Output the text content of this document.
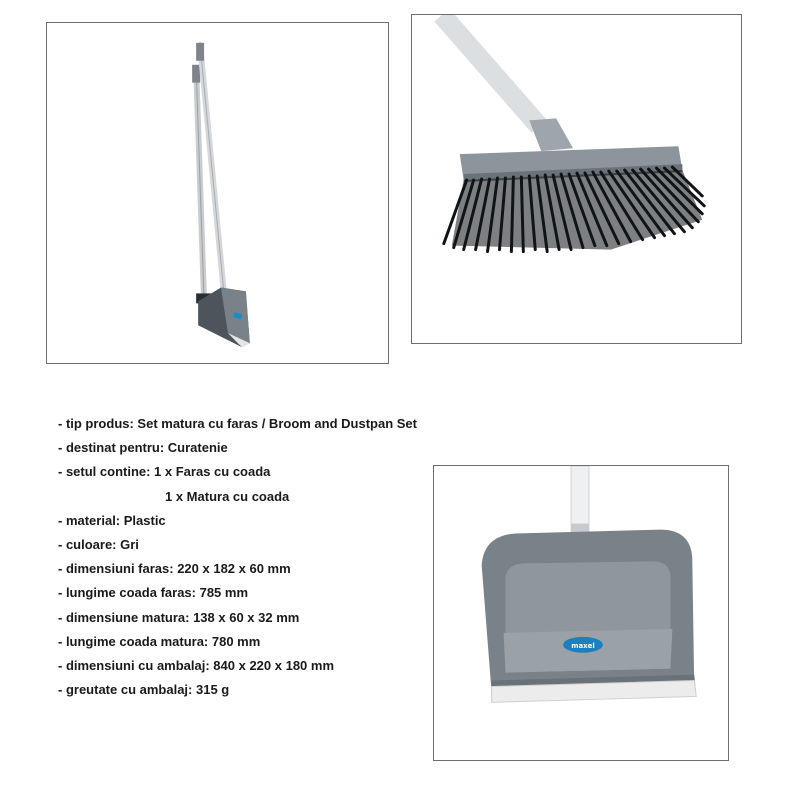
maxel
- tip produs: Set matura cu faras / Broom and Dustpan Set
- destinat pentru: Curatenie
- setul contine: 1 x Faras cu coada
1 x Matura cu coada
- material: Plastic
- culoare: Gri
- dimensiuni faras: 220 x 182 x 60 mm
- lungime coada faras: 785 mm
- dimensiune matura: 138 x 60 x 32 mm
- lungime coada matura: 780 mm
- dimensiuni cu ambalaj: 840 x 220 x 180 mm
- greutate cu ambalaj: 315 g
